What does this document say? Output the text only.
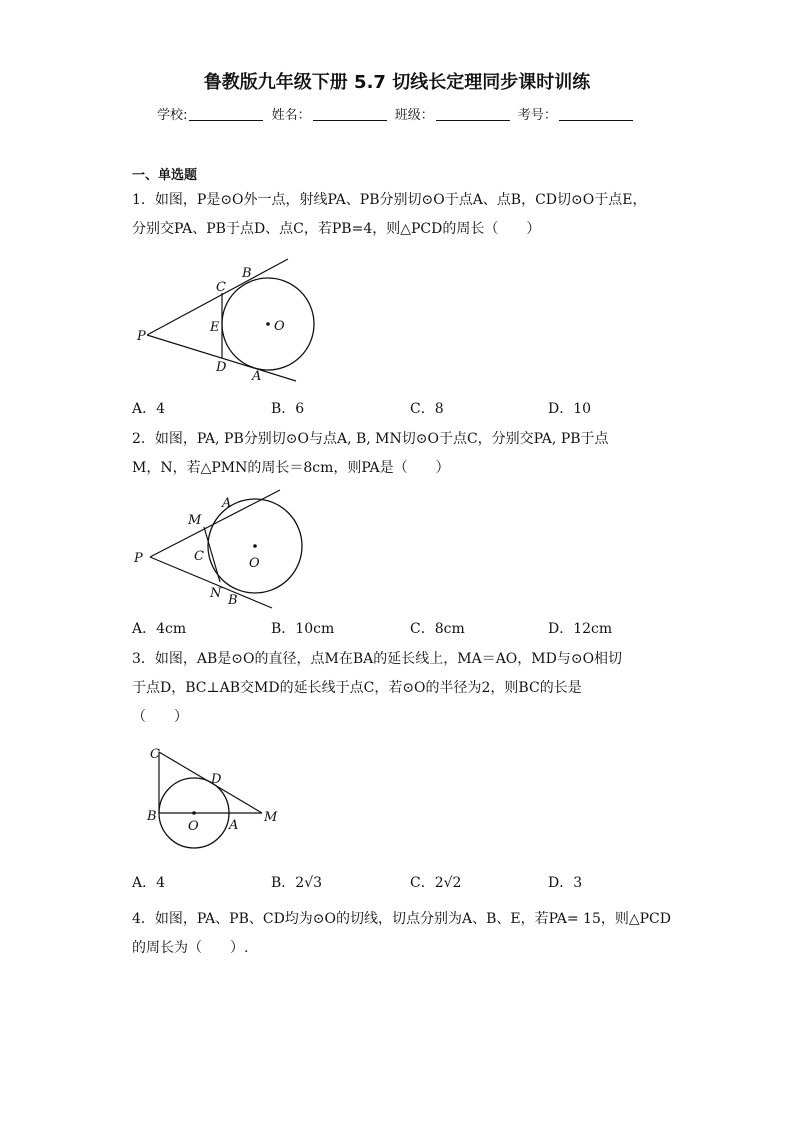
鲁教版九年级下册 5.7 切线长定理同步课时训练
学校:	姓名：	班级：	考号：
一、单选题
1．如图，P是⊙O外一点，射线PA、PB分别切⊙O于点A、点B，CD切⊙O于点E，
分别交PA、PB于点D、点C，若PB=4，则△PCD的周长（　　）
B
C
E
P
O
D
A
A．4	B．6	C．8	D．10
2．如图，PA, PB分别切⊙O与点A, B, MN切⊙O于点C，分别交PA, PB于点
M，N，若△PMN的周长＝8cm，则PA是（　　）
A
M
P	C	O
N B
A．4cm	B．10cm	C．8cm	D．12cm
3．如图，AB是⊙O的直径，点M在BA的延长线上，MA＝AO，MD与⊙O相切
于点D，BC⊥AB交MD的延长线于点C，若⊙O的半径为2，则BC的长是
（　　）
C
D
B
O A
M
A．4	B．2√3	C．2√2	D．3
4．如图，PA、PB、CD均为⊙O的切线，切点分别为A、B、E，若PA= 15，则△PCD
的周长为（　　）.
